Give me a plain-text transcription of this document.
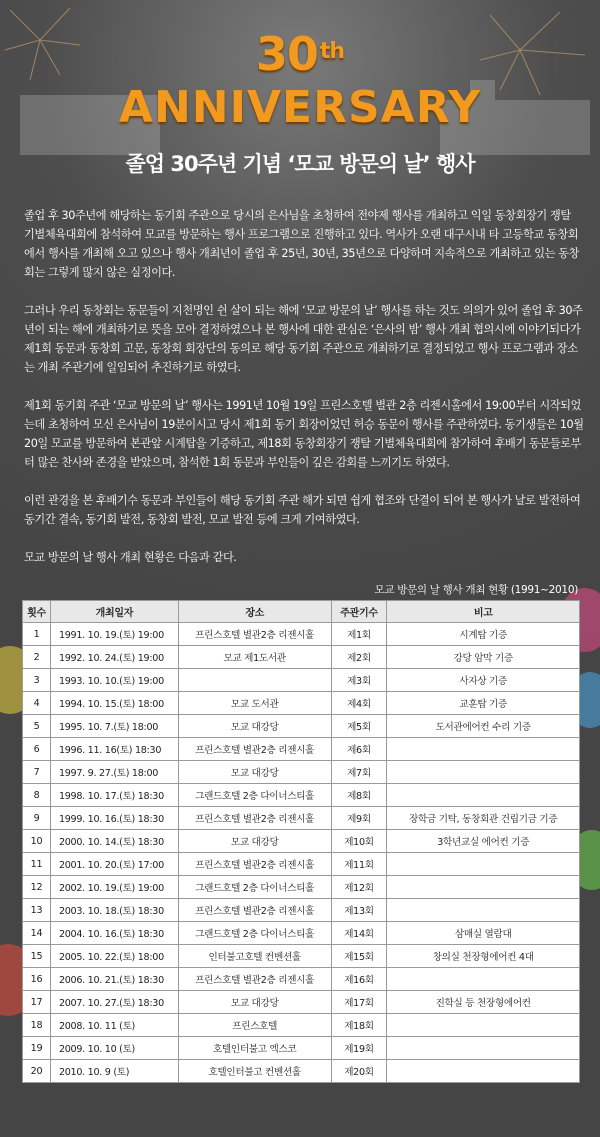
30th
ANNIVERSARY
졸업 30주년 기념 ‘모교 방문의 날’ 행사

졸업 후 30주년에 해당하는 동기회 주관으로 당시의 은사님을 초청하여 전야제 행사를 개최하고 익일 동창회장기 쟁탈 기별체육대회에 참석하여 모교를 방문하는 행사 프로그램으로 진행하고 있다. 역사가 오랜 대구시내 타 고등학교 동창회에서 행사를 개최해 오고 있으나 행사 개최년이 졸업 후 25년, 30년, 35년으로 다양하며 지속적으로 개최하고 있는 동창회는 그렇게 많지 않은 실정이다.

그러나 우리 동창회는 동문들이 지천명인 쉰 살이 되는 해에 ‘모교 방문의 날’ 행사를 하는 것도 의의가 있어 졸업 후 30주년이 되는 해에 개최하기로 뜻을 모아 결정하였으나 본 행사에 대한 관심은 ‘은사의 밤’ 행사 개최 협의시에 이야기되다가 제1회 동문과 동창회 고문, 동창회 회장단의 동의로 해당 동기회 주관으로 개최하기로 결정되었고 행사 프로그램과 장소는 개최 주관기에 일임되어 추진하기로 하였다.

제1회 동기회 주관 ‘모교 방문의 날’ 행사는 1991년 10월 19일 프린스호텔 별관 2층 리젠시홀에서 19:00부터 시작되었는데 초청하여 모신 은사님이 19분이시고 당시 제1회 동기 회장이었던 허승 동문이 행사를 주관하였다. 동기생들은 10월 20일 모교를 방문하여 본관앞 시계탑을 기증하고, 제18회 동창회장기 쟁탈 기별체육대회에 참가하여 후배기 동문들로부터 많은 찬사와 존경을 받았으며, 참석한 1회 동문과 부인들이 깊은 감회를 느끼기도 하였다.

이런 관경을 본 후배기수 동문과 부인들이 해당 동기회 주관 해가 되면 쉽게 협조와 단결이 되어 본 행사가 날로 발전하여 동기간 결속, 동기회 발전, 동창회 발전, 모교 발전 등에 크게 기여하였다.

모교 방문의 날 행사 개최 현황은 다음과 같다.

모교 방문의 날 행사 개최 현황 (1991~2010)
횟수	개최일자	장소	주관기수	비고
1	1991. 10. 19.(토) 19:00	프린스호텔 별관2층 리젠시홀	제1회	시계탑 기증
2	1992. 10. 24.(토) 19:00	모교 제1도서관	제2회	강당 암막 기증
3	1993. 10. 10.(토) 19:00		제3회	사자상 기증
4	1994. 10. 15.(토) 18:00	모교 도서관	제4회	교훈탑 기증
5	1995. 10. 7.(토) 18:00	모교 대강당	제5회	도서관에어컨 수리 기증
6	1996. 11. 16(토) 18:30	프린스호텔 별관2층 리젠시홀	제6회	
7	1997. 9. 27.(토) 18:00	모교 대강당	제7회	
8	1998. 10. 17.(토) 18:30	그랜드호텔 2층 다이너스티홀	제8회	
9	1999. 10. 16.(토) 18:30	프린스호텔 별관2층 리젠시홀	제9회	장학금 기탁, 동창회관 건립기금 기증
10	2000. 10. 14.(토) 18:30	모교 대강당	제10회	3학년교실 에어컨 기증
11	2001. 10. 20.(토) 17:00	프린스호텔 별관2층 리젠시홀	제11회	
12	2002. 10. 19.(토) 19:00	그랜드호텔 2층 다이너스티홀	제12회	
13	2003. 10. 18.(토) 18:30	프린스호텔 별관2층 리젠시홀	제13회	
14	2004. 10. 16.(토) 18:30	그랜드호텔 2층 다이너스티홀	제14회	삼매실 열람대
15	2005. 10. 22.(토) 18:00	인터불고호텔 컨벤션홀	제15회	창의실 천장형에어컨 4대
16	2006. 10. 21.(토) 18:30	프린스호텔 별관2층 리젠시홀	제16회	
17	2007. 10. 27.(토) 18:30	모교 대강당	제17회	진학실 등 천장형에어컨
18	2008. 10. 11 (토)	프린스호텔	제18회	
19	2009. 10. 10 (토)	호텔인터불고 엑스코	제19회	
20	2010. 10. 9 (토)	호텔인터불고 컨벤션홀	제20회	
